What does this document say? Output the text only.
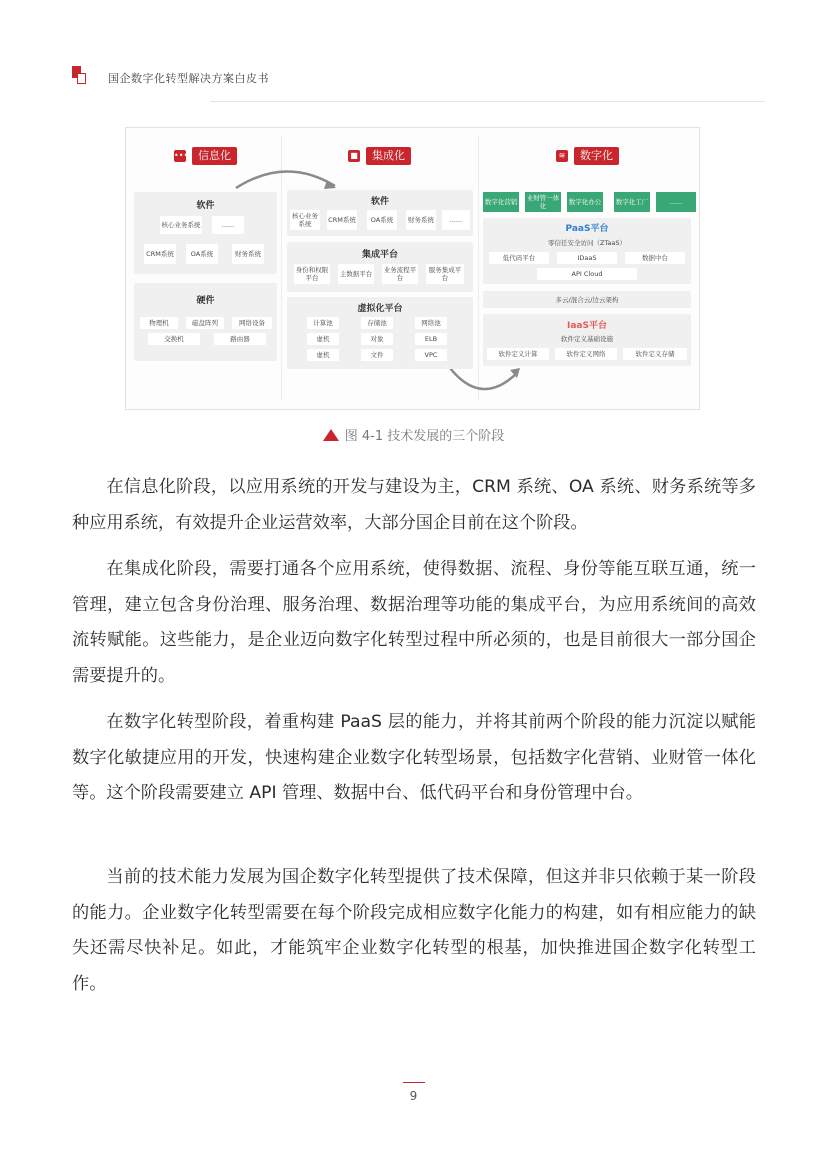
国企数字化转型解决方案白皮书
••• 信息化
软件
核心业务系统	......
CRM系统	OA系统	财务系统
硬件
物理机	磁盘阵列	网络设备
交换机	路由器
■	集成化
软件
核心业务系统	CRM系统	OA系统	财务系统	......
集成平台
身份和权限平台	主数据平台 业务流程平台
服务集成平台
虚拟化平台
计算池	存储池	网络池
虚机	对象	ELB
虚机	文件	VPC
≋	数字化
数字化营销 业财管一体化	数字化办公 数字化工厂	......
PaaS平台
零信任安全访问（ZTaaS）
低代码平台	IDaaS	数据中台
API Cloud
多云/混合云/边云架构
IaaS平台
软件定义基础设施
软件定义计算	软件定义网络	软件定义存储
图 4-1 技术发展的三个阶段

在信息化阶段，以应用系统的开发与建设为主，CRM 系统、OA 系统、财务系统等多种应用系统，有效提升企业运营效率，大部分国企目前在这个阶段。

在集成化阶段，需要打通各个应用系统，使得数据、流程、身份等能互联互通，统一管理，建立包含身份治理、服务治理、数据治理等功能的集成平台，为应用系统间的高效流转赋能。这些能力，是企业迈向数字化转型过程中所必须的，也是目前很大一部分国企需要提升的。

在数字化转型阶段，着重构建 PaaS 层的能力，并将其前两个阶段的能力沉淀以赋能数字化敏捷应用的开发，快速构建企业数字化转型场景，包括数字化营销、业财管一体化等。这个阶段需要建立 API 管理、数据中台、低代码平台和身份管理中台。

当前的技术能力发展为国企数字化转型提供了技术保障，但这并非只依赖于某一阶段的能力。企业数字化转型需要在每个阶段完成相应数字化能力的构建，如有相应能力的缺失还需尽快补足。如此，才能筑牢企业数字化转型的根基，加快推进国企数字化转型工作。

9
